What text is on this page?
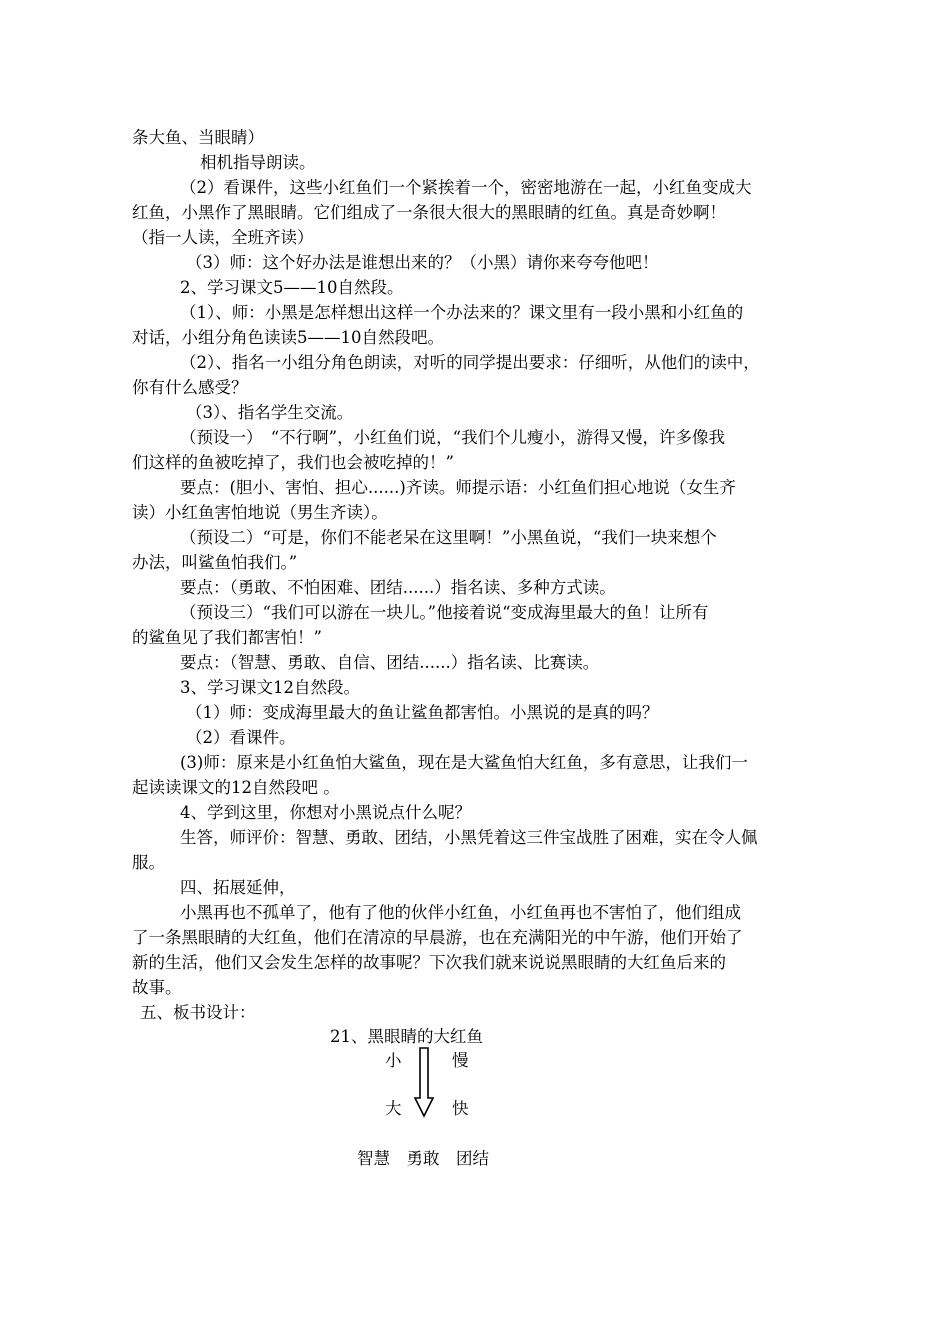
条大鱼、当眼睛）
相机指导朗读。
（2）看课件，这些小红鱼们一个紧挨着一个，密密地游在一起，小红鱼变成大
红鱼，小黑作了黑眼睛。它们组成了一条很大很大的黑眼睛的红鱼。真是奇妙啊！
（指一人读，全班齐读）
（3）师：这个好办法是谁想出来的？（小黑）请你来夸夸他吧！
2、学习课文5——10自然段。
（1）、师：小黑是怎样想出这样一个办法来的？课文里有一段小黑和小红鱼的
对话，小组分角色读读5——10自然段吧。
（2）、指名一小组分角色朗读，对听的同学提出要求：仔细听，从他们的读中，
你有什么感受？
（3）、指名学生交流。
（预设一）　“不行啊”，小红鱼们说，“我们个儿瘦小，游得又慢，许多像我
们这样的鱼被吃掉了，我们也会被吃掉的！”
要点：(胆小、害怕、担心......)齐读。师提示语：小红鱼们担心地说（女生齐
读）小红鱼害怕地说（男生齐读）。
（预设二）“可是，你们不能老呆在这里啊！”小黑鱼说，“我们一块来想个
办法，叫鲨鱼怕我们。”
要点：（勇敢、不怕困难、团结......）指名读、多种方式读。
（预设三）“我们可以游在一块儿。”他接着说“变成海里最大的鱼！让所有
的鲨鱼见了我们都害怕！”
要点：（智慧、勇敢、自信、团结......）指名读、比赛读。
3、学习课文12自然段。
（1）师：变成海里最大的鱼让鲨鱼都害怕。小黑说的是真的吗？
（2）看课件。
(3)师：原来是小红鱼怕大鲨鱼，现在是大鲨鱼怕大红鱼，多有意思，让我们一
起读读课文的12自然段吧 。
4、学到这里，你想对小黑说点什么呢？
生答，师评价：智慧、勇敢、团结，小黑凭着这三件宝战胜了困难，实在令人佩
服。
四、拓展延伸，
小黑再也不孤单了，他有了他的伙伴小红鱼，小红鱼再也不害怕了，他们组成
了一条黑眼睛的大红鱼，他们在清凉的早晨游，也在充满阳光的中午游，他们开始了
新的生活，他们又会发生怎样的故事呢？下次我们就来说说黑眼睛的大红鱼后来的
故事。
五、板书设计：
21、黑眼睛的大红鱼
小	慢
大	快
智慧　勇敢　团结
